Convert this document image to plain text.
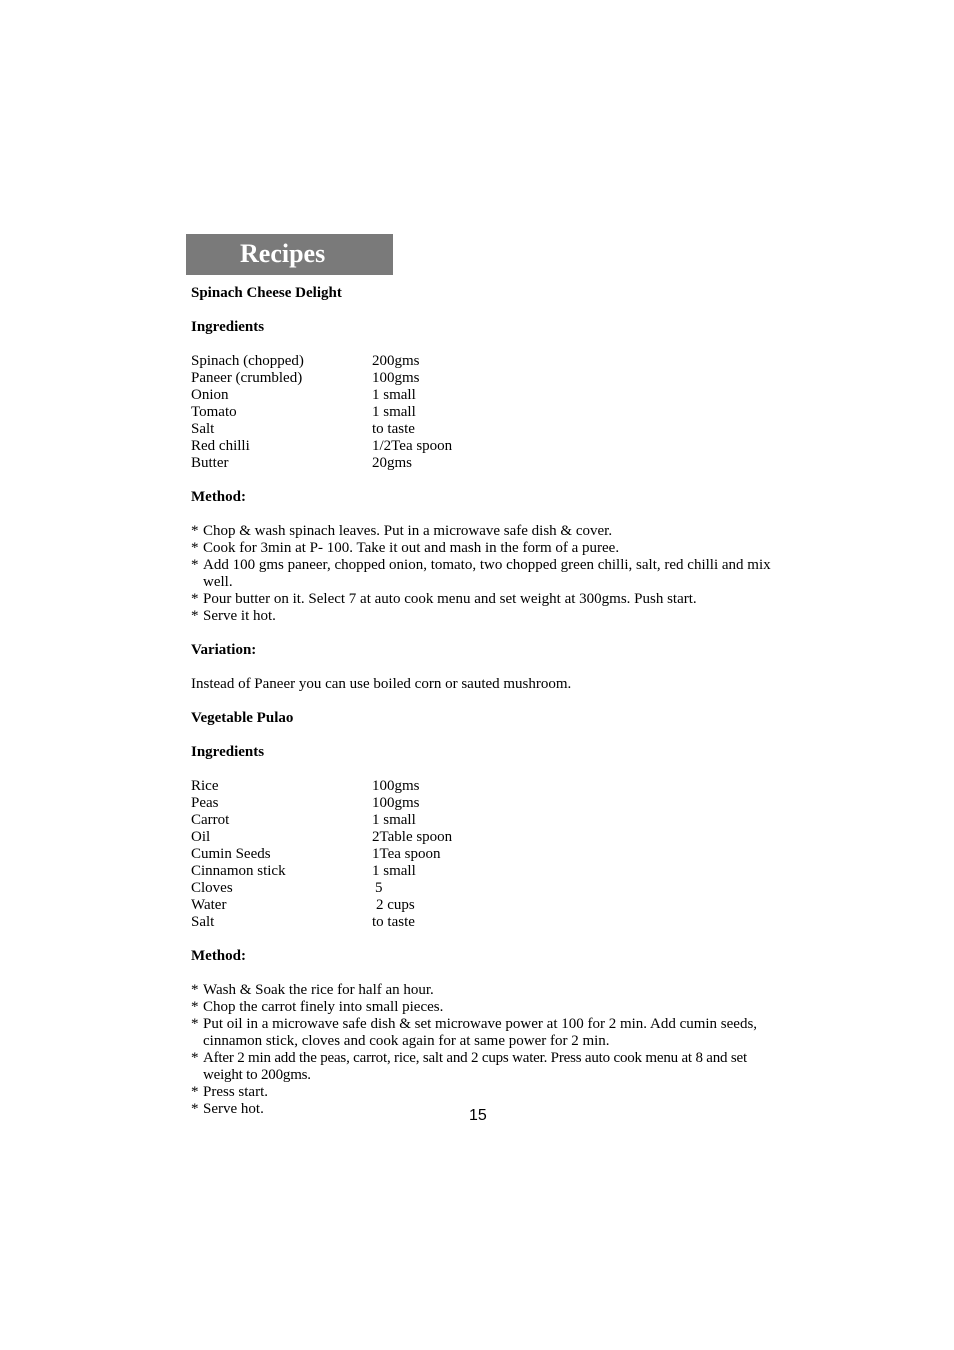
Recipes
Spinach Cheese Delight
Ingredients
Spinach (chopped)	200gms
Paneer (crumbled)	100gms
Onion	1 small
Tomato	1 small
Salt	to taste
Red chilli	1/2Tea spoon
Butter	20gms
Method:

* Chop & wash spinach leaves. Put in a microwave safe dish & cover.

* Cook for 3min at P- 100. Take it out and mash in the form of a puree.

* Add 100 gms paneer, chopped onion, tomato, two chopped green chilli, salt, red chilli and mix well.

* Pour butter on it. Select 7 at auto cook menu and set weight at 300gms. Push start.

* Serve it hot.

Variation:

Instead of Paneer you can use boiled corn or sauted mushroom.

Vegetable Pulao
Ingredients
Rice	100gms
Peas	100gms
Carrot	1 small
Oil	2Table spoon
Cumin Seeds	1Tea spoon
Cinnamon stick	1 small
Cloves	5
Water	2 cups
Salt	to taste
Method:

* Wash & Soak the rice for half an hour.

* Chop the carrot finely into small pieces.

* Put oil in a microwave safe dish & set microwave power at 100 for 2 min. Add cumin seeds, cinnamon stick, cloves and cook again for at same power for 2 min.

* After 2 min add the peas, carrot, rice, salt and 2 cups water. Press auto cook menu at 8 and set weight to 200gms.

* Press start.

* Serve hot.	15
